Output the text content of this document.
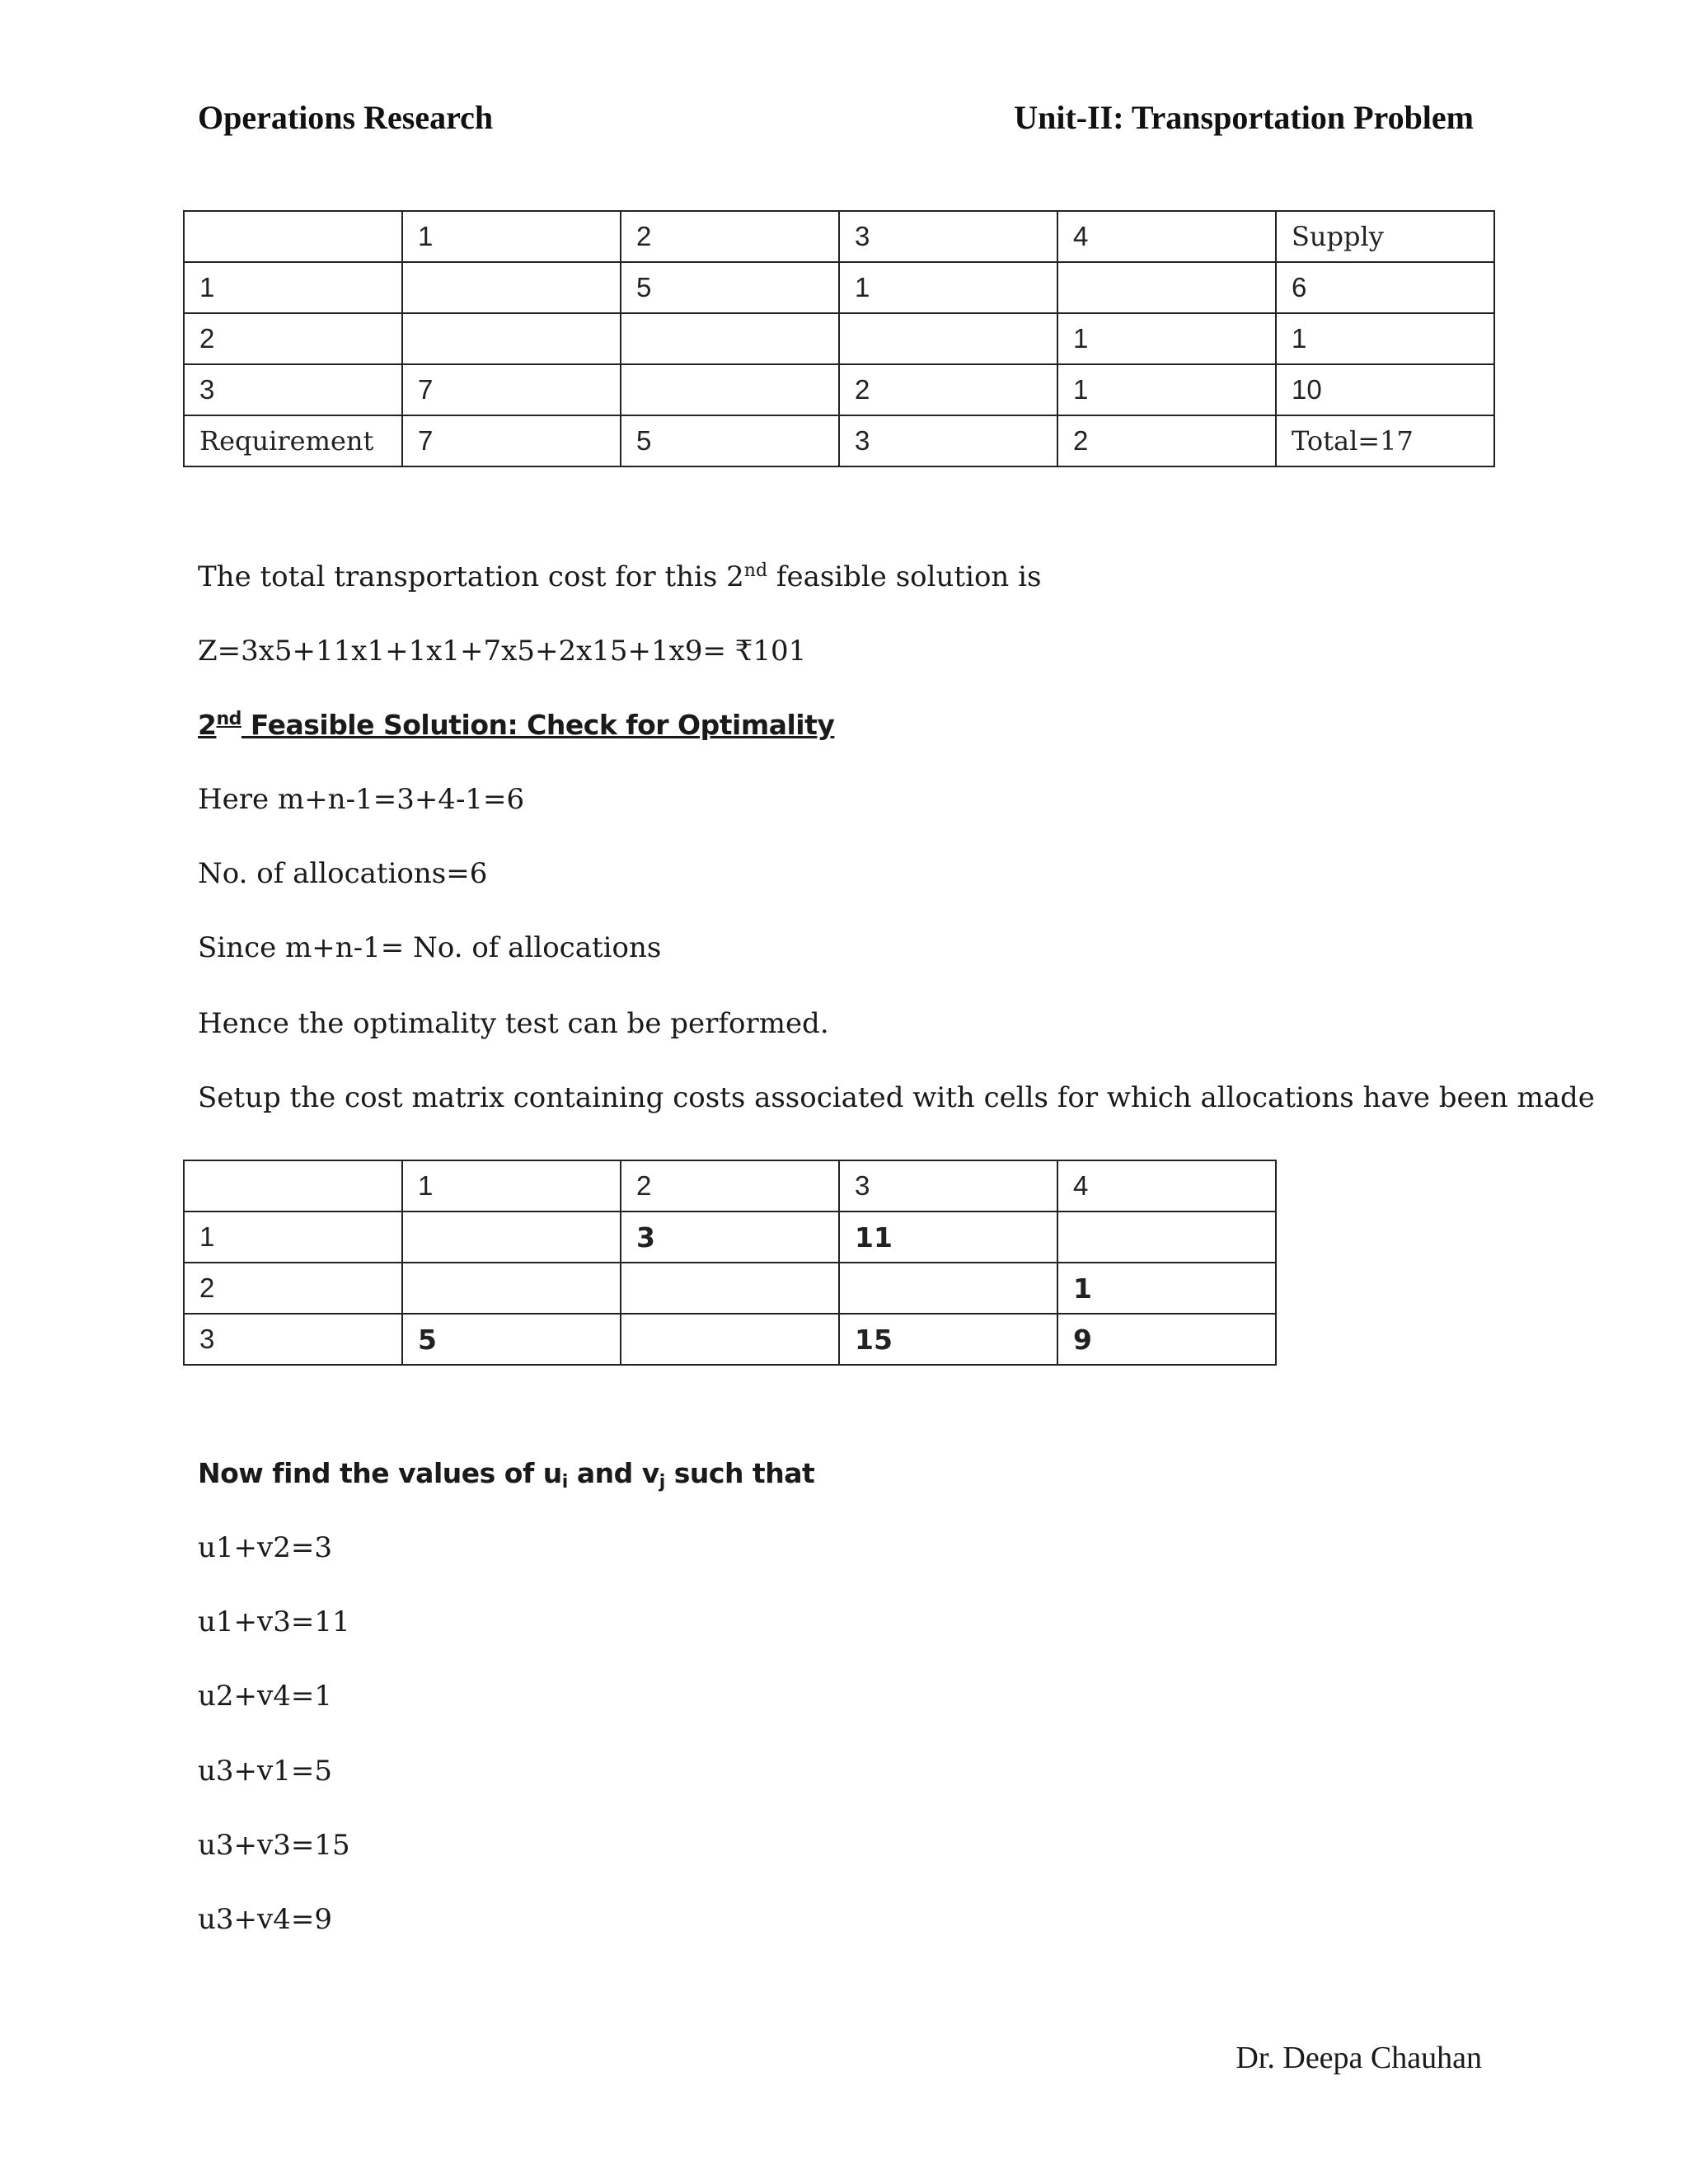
Operations Research	Unit-II: Transportation Problem
	1	2	3	4	Supply
1		5	1		6
2				1	1
3	7		2	1	10
Requirement	7	5	3	2	Total=17
The total transportation cost for this 2nd feasible solution is
Z=3x5+11x1+1x1+7x5+2x15+1x9= ₹101
2nd Feasible Solution: Check for Optimality
Here m+n-1=3+4-1=6
No. of allocations=6
Since m+n-1= No. of allocations
Hence the optimality test can be performed.
Setup the cost matrix containing costs associated with cells for which allocations have been made
	1	2	3	4
1		3	11	
2				1
3	5		15	9
Now find the values of $u_i$ and $v_j$ such that
u1+v2=3
u1+v3=11
u2+v4=1
u3+v1=5
u3+v3=15
u3+v4=9
Dr. Deepa Chauhan
